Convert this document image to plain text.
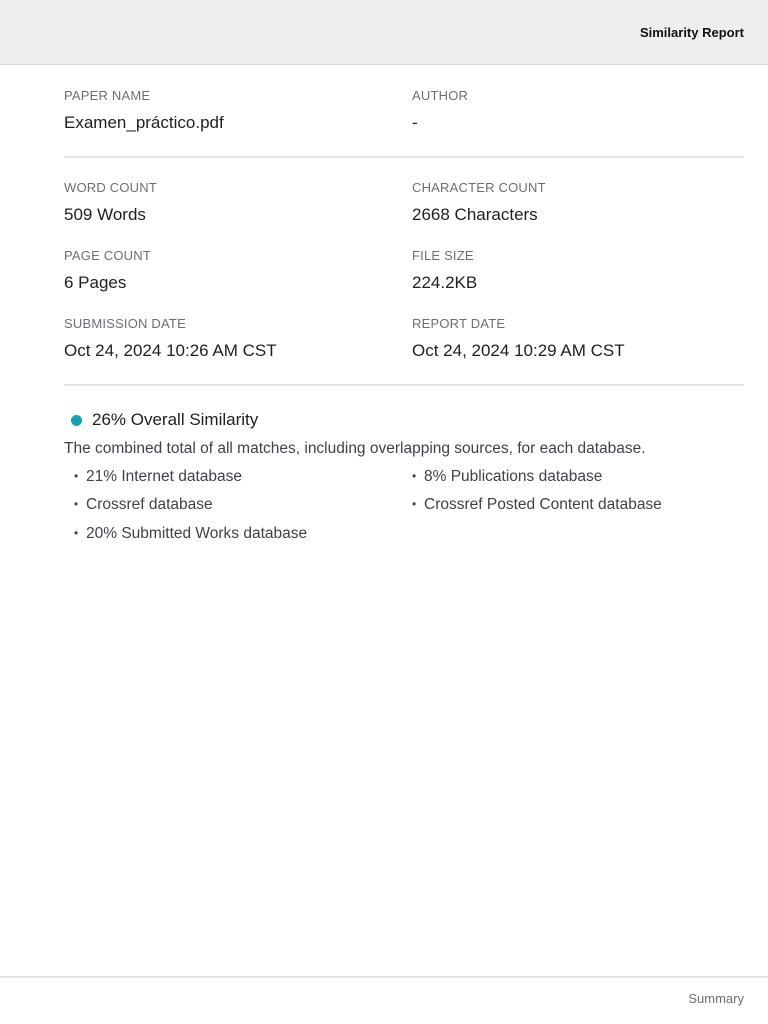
Similarity Report
PAPER NAME
Examen_práctico.pdf
AUTHOR
-
WORD COUNT
509 Words
CHARACTER COUNT
2668 Characters
PAGE COUNT
6 Pages
FILE SIZE
224.2KB
SUBMISSION DATE
Oct 24, 2024 10:26 AM CST
REPORT DATE
Oct 24, 2024 10:29 AM CST
26% Overall Similarity
The combined total of all matches, including overlapping sources, for each database.
• 21% Internet database	• 8% Publications database
• Crossref database	• Crossref Posted Content database
• 20% Submitted Works database
Summary
